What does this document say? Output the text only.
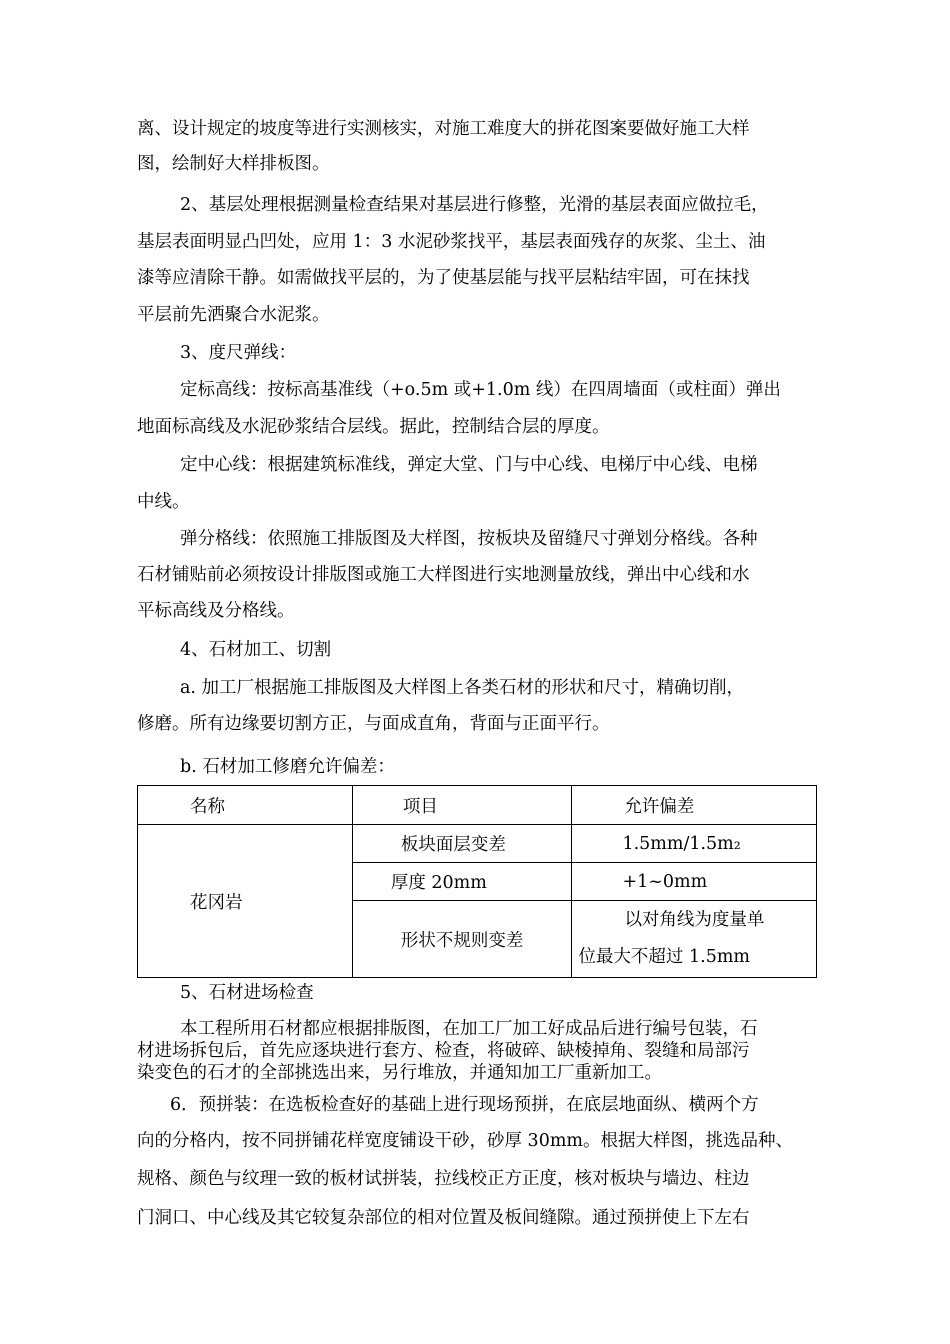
离、设计规定的坡度等进行实测核实，对施工难度大的拼花图案要做好施工大样
图，绘制好大样排板图。
2、基层处理根据测量检查结果对基层进行修整，光滑的基层表面应做拉毛，
基层表面明显凸凹处，应用 1：3 水泥砂浆找平，基层表面残存的灰浆、尘土、油
漆等应清除干静。如需做找平层的，为了使基层能与找平层粘结牢固，可在抹找
平层前先洒聚合水泥浆。
3、度尺弹线：
定标高线：按标高基准线（+o.5m 或+1.0m 线）在四周墙面（或柱面）弹出
地面标高线及水泥砂浆结合层线。据此，控制结合层的厚度。
定中心线：根据建筑标准线，弹定大堂、门与中心线、电梯厅中心线、电梯
中线。
弹分格线：依照施工排版图及大样图，按板块及留缝尺寸弹划分格线。各种
石材铺贴前必须按设计排版图或施工大样图进行实地测量放线，弹出中心线和水
平标高线及分格线。
4、石材加工、切割
a. 加工厂根据施工排版图及大样图上各类石材的形状和尺寸，精确切削，
修磨。所有边缘要切割方正，与面成直角，背面与正面平行。
b. 石材加工修磨允许偏差：
名称	项目	允许偏差
花冈岩	板块面层变差	1.5mm/1.5m₂
	厚度 20mm	+1~0mm
	形状不规则变差	以对角线为度量单
位最大不超过 1.5mm
5、石材进场检查
本工程所用石材都应根据排版图，在加工厂加工好成品后进行编号包装，石
材进场拆包后，首先应逐块进行套方、检查，将破碎、缺棱掉角、裂缝和局部污
染变色的石才的全部挑选出来，另行堆放，并通知加工厂重新加工。
6．预拼装：在选板检查好的基础上进行现场预拼，在底层地面纵、横两个方
向的分格内，按不同拼铺花样宽度铺设干砂，砂厚 30mm。根据大样图，挑选品种、
规格、颜色与纹理一致的板材试拼装，拉线校正方正度，核对板块与墙边、柱边
门洞口、中心线及其它较复杂部位的相对位置及板间缝隙。通过预拼使上下左右
